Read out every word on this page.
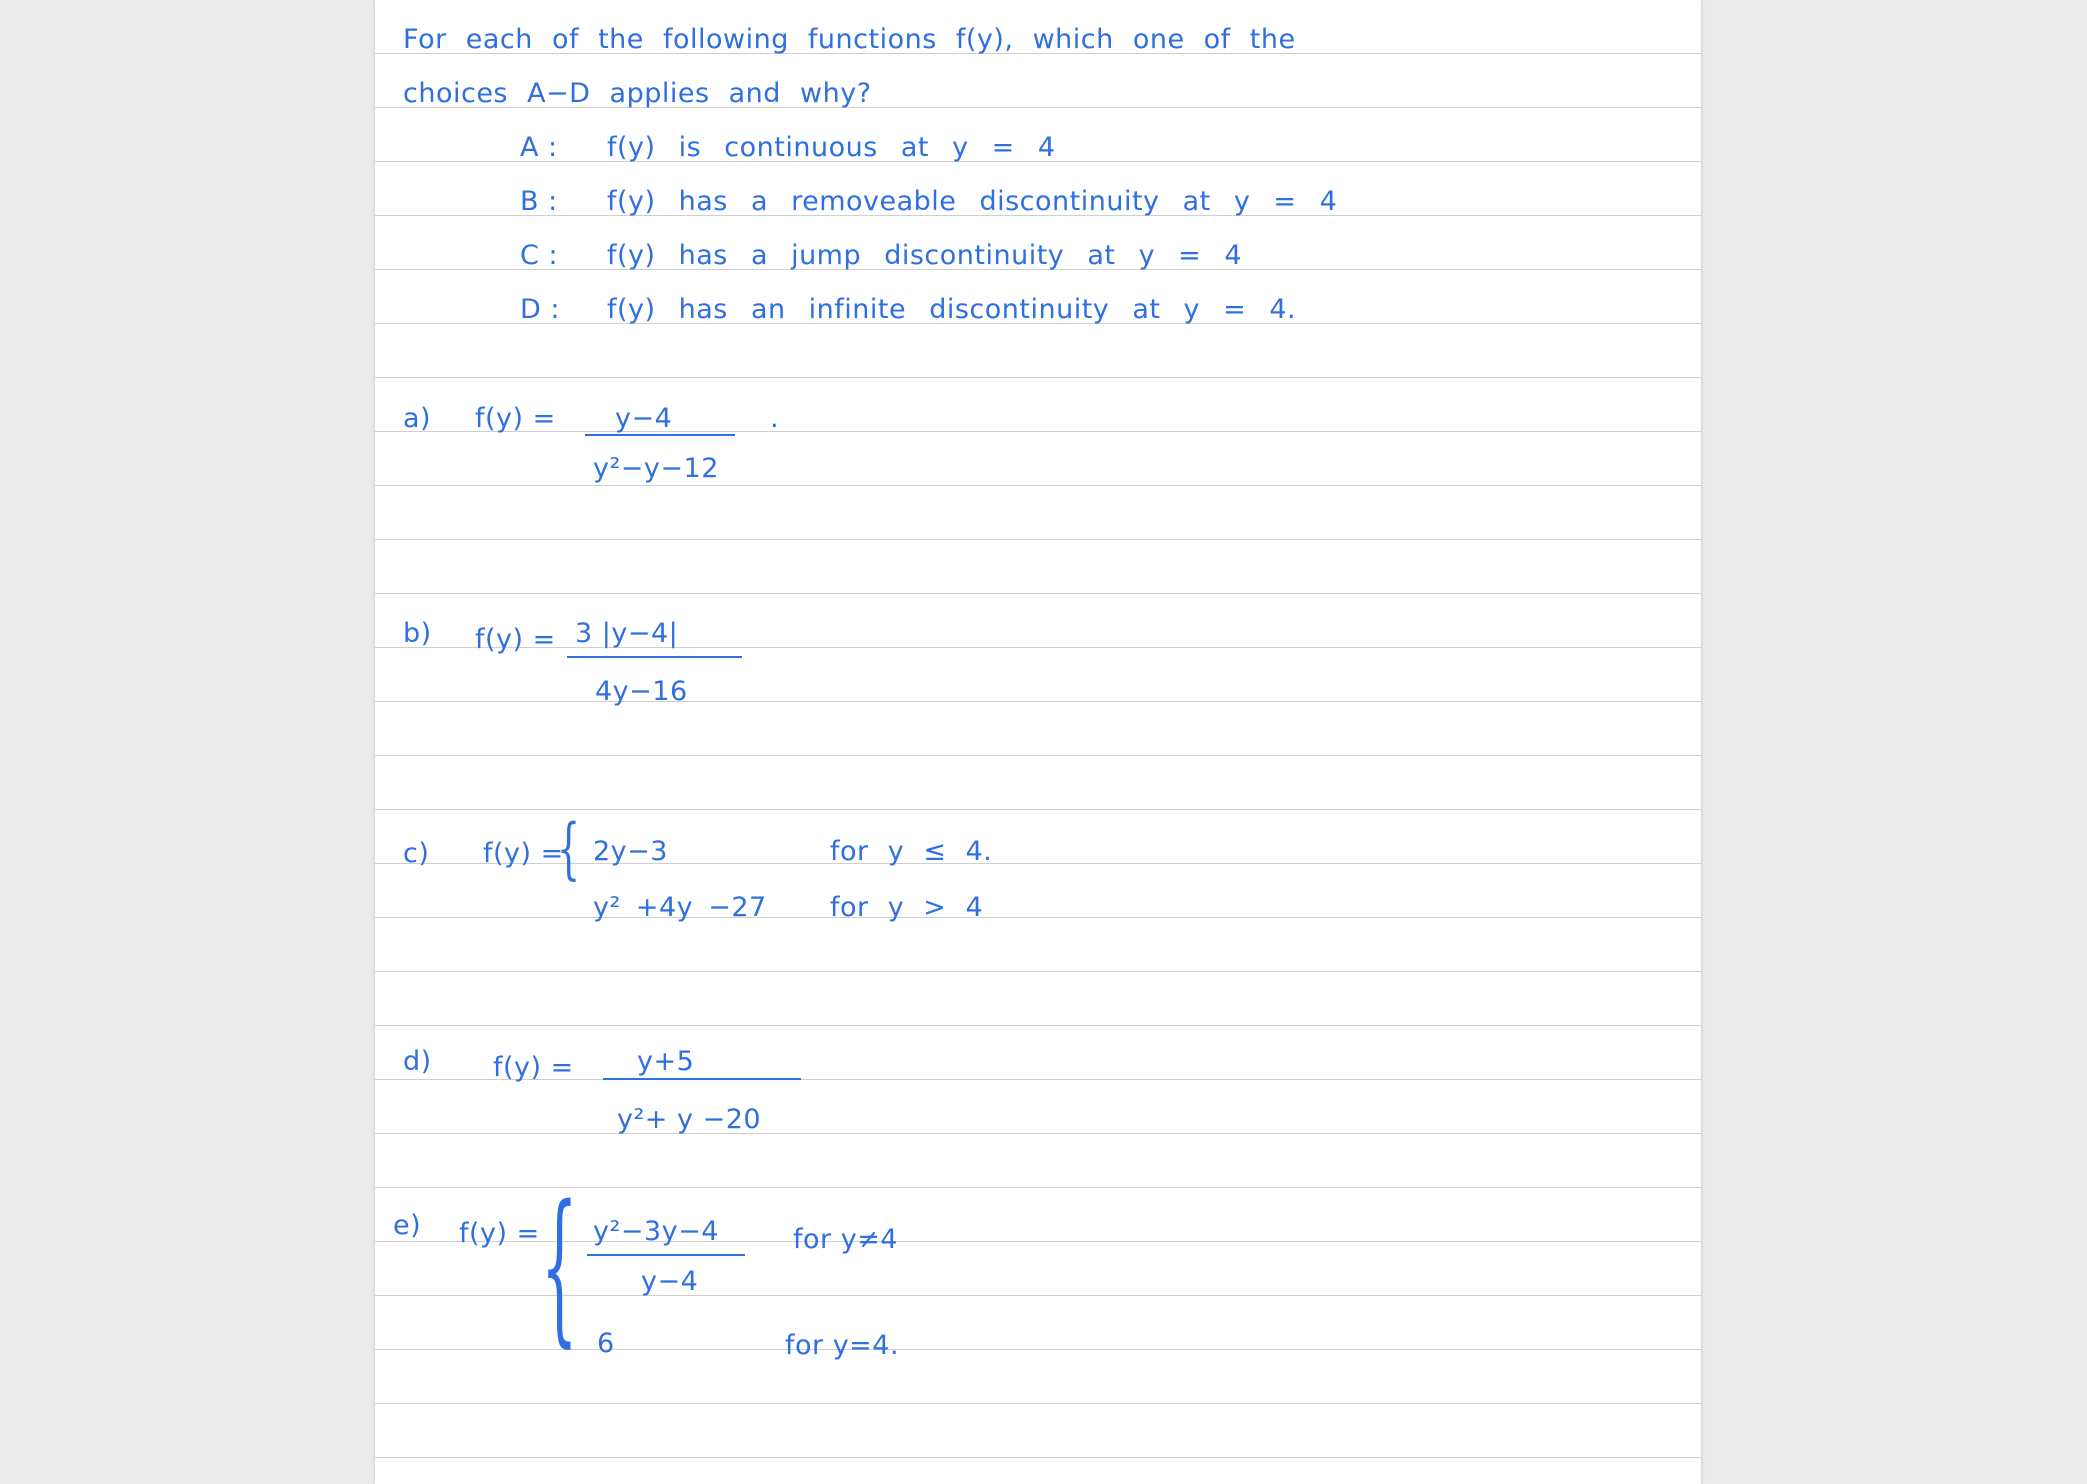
For each of the following functions f(y), which one of the
choices A−D applies and why?
A : f(y) is continuous at y = 4
B : f(y) has a removeable discontinuity at y = 4
C : f(y) has a jump discontinuity at y = 4
D : f(y) has an infinite discontinuity at y = 4.
a) f(y) = y−4
y²−y−12
.
b) f(y) = 3 |y−4|
4y−16
c) f(y) =
{ 2y−3	for y ≤ 4.
y² +4y −27 for y > 4
d) f(y) = y+5
y²+ y −20
e) f(y) = { y²−3y−4
y−4
for y≠4
6	for y=4.
